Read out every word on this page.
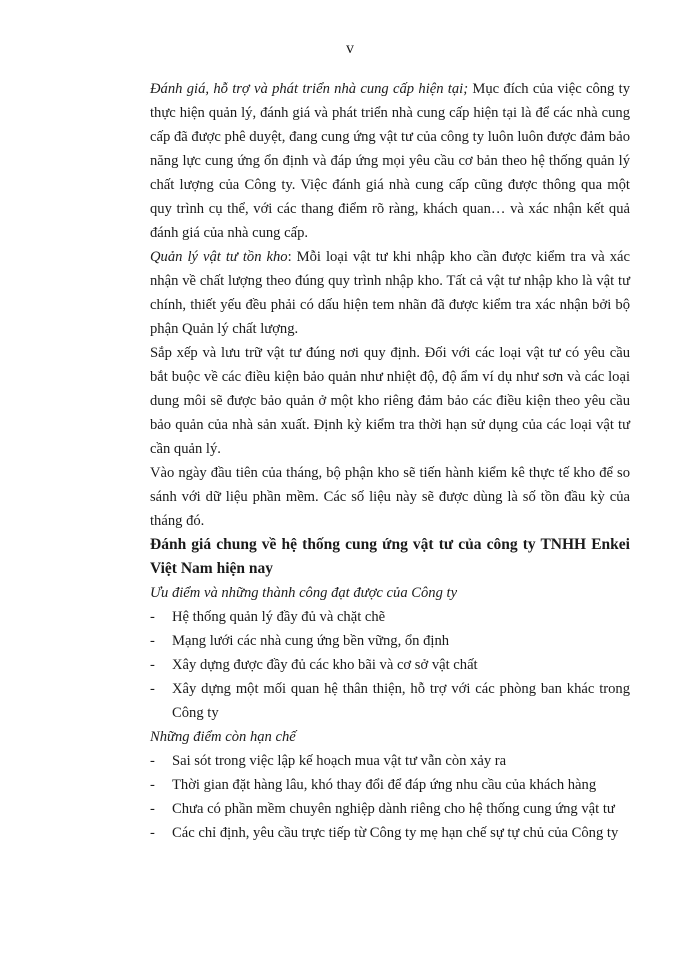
v

Đánh giá, hỗ trợ và phát triển nhà cung cấp hiện tại; Mục đích của việc công ty thực hiện quản lý, đánh giá và phát triển nhà cung cấp hiện tại là để các nhà cung cấp đã được phê duyệt, đang cung ứng vật tư của công ty luôn luôn được đảm bảo năng lực cung ứng ổn định và đáp ứng mọi yêu cầu cơ bản theo hệ thống quản lý chất lượng của Công ty. Việc đánh giá nhà cung cấp cũng được thông qua một quy trình cụ thể, với các thang điểm rõ ràng, khách quan… và xác nhận kết quả đánh giá của nhà cung cấp.

Quản lý vật tư tồn kho: Mỗi loại vật tư khi nhập kho cần được kiểm tra và xác nhận về chất lượng theo đúng quy trình nhập kho. Tất cả vật tư nhập kho là vật tư chính, thiết yếu đều phải có dấu hiện tem nhãn đã được kiểm tra xác nhận bởi bộ phận Quản lý chất lượng.

Sắp xếp và lưu trữ vật tư đúng nơi quy định. Đối với các loại vật tư có yêu cầu bắt buộc về các điều kiện bảo quản như nhiệt độ, độ ẩm ví dụ như sơn và các loại dung môi sẽ được bảo quản ở một kho riêng đảm bảo các điều kiện theo yêu cầu bảo quản của nhà sản xuất. Định kỳ kiểm tra thời hạn sử dụng của các loại vật tư cần quản lý.

Vào ngày đầu tiên của tháng, bộ phận kho sẽ tiến hành kiểm kê thực tế kho để so sánh với dữ liệu phần mềm. Các số liệu này sẽ được dùng là số tồn đầu kỳ của tháng đó.

Đánh giá chung về hệ thống cung ứng vật tư của công ty TNHH Enkei Việt Nam hiện nay

Ưu điểm và những thành công đạt được của Công ty

- Hệ thống quản lý đầy đủ và chặt chẽ
- Mạng lưới các nhà cung ứng bền vững, ổn định
- Xây dựng được đầy đủ các kho bãi và cơ sở vật chất
- Xây dựng một mối quan hệ thân thiện, hỗ trợ với các phòng ban khác trong Công ty

Những điểm còn hạn chế

- Sai sót trong việc lập kế hoạch mua vật tư vẫn còn xảy ra
- Thời gian đặt hàng lâu, khó thay đổi để đáp ứng nhu cầu của khách hàng
- Chưa có phần mềm chuyên nghiệp dành riêng cho hệ thống cung ứng vật tư
- Các chỉ định, yêu cầu trực tiếp từ Công ty mẹ hạn chế sự tự chủ của Công ty
